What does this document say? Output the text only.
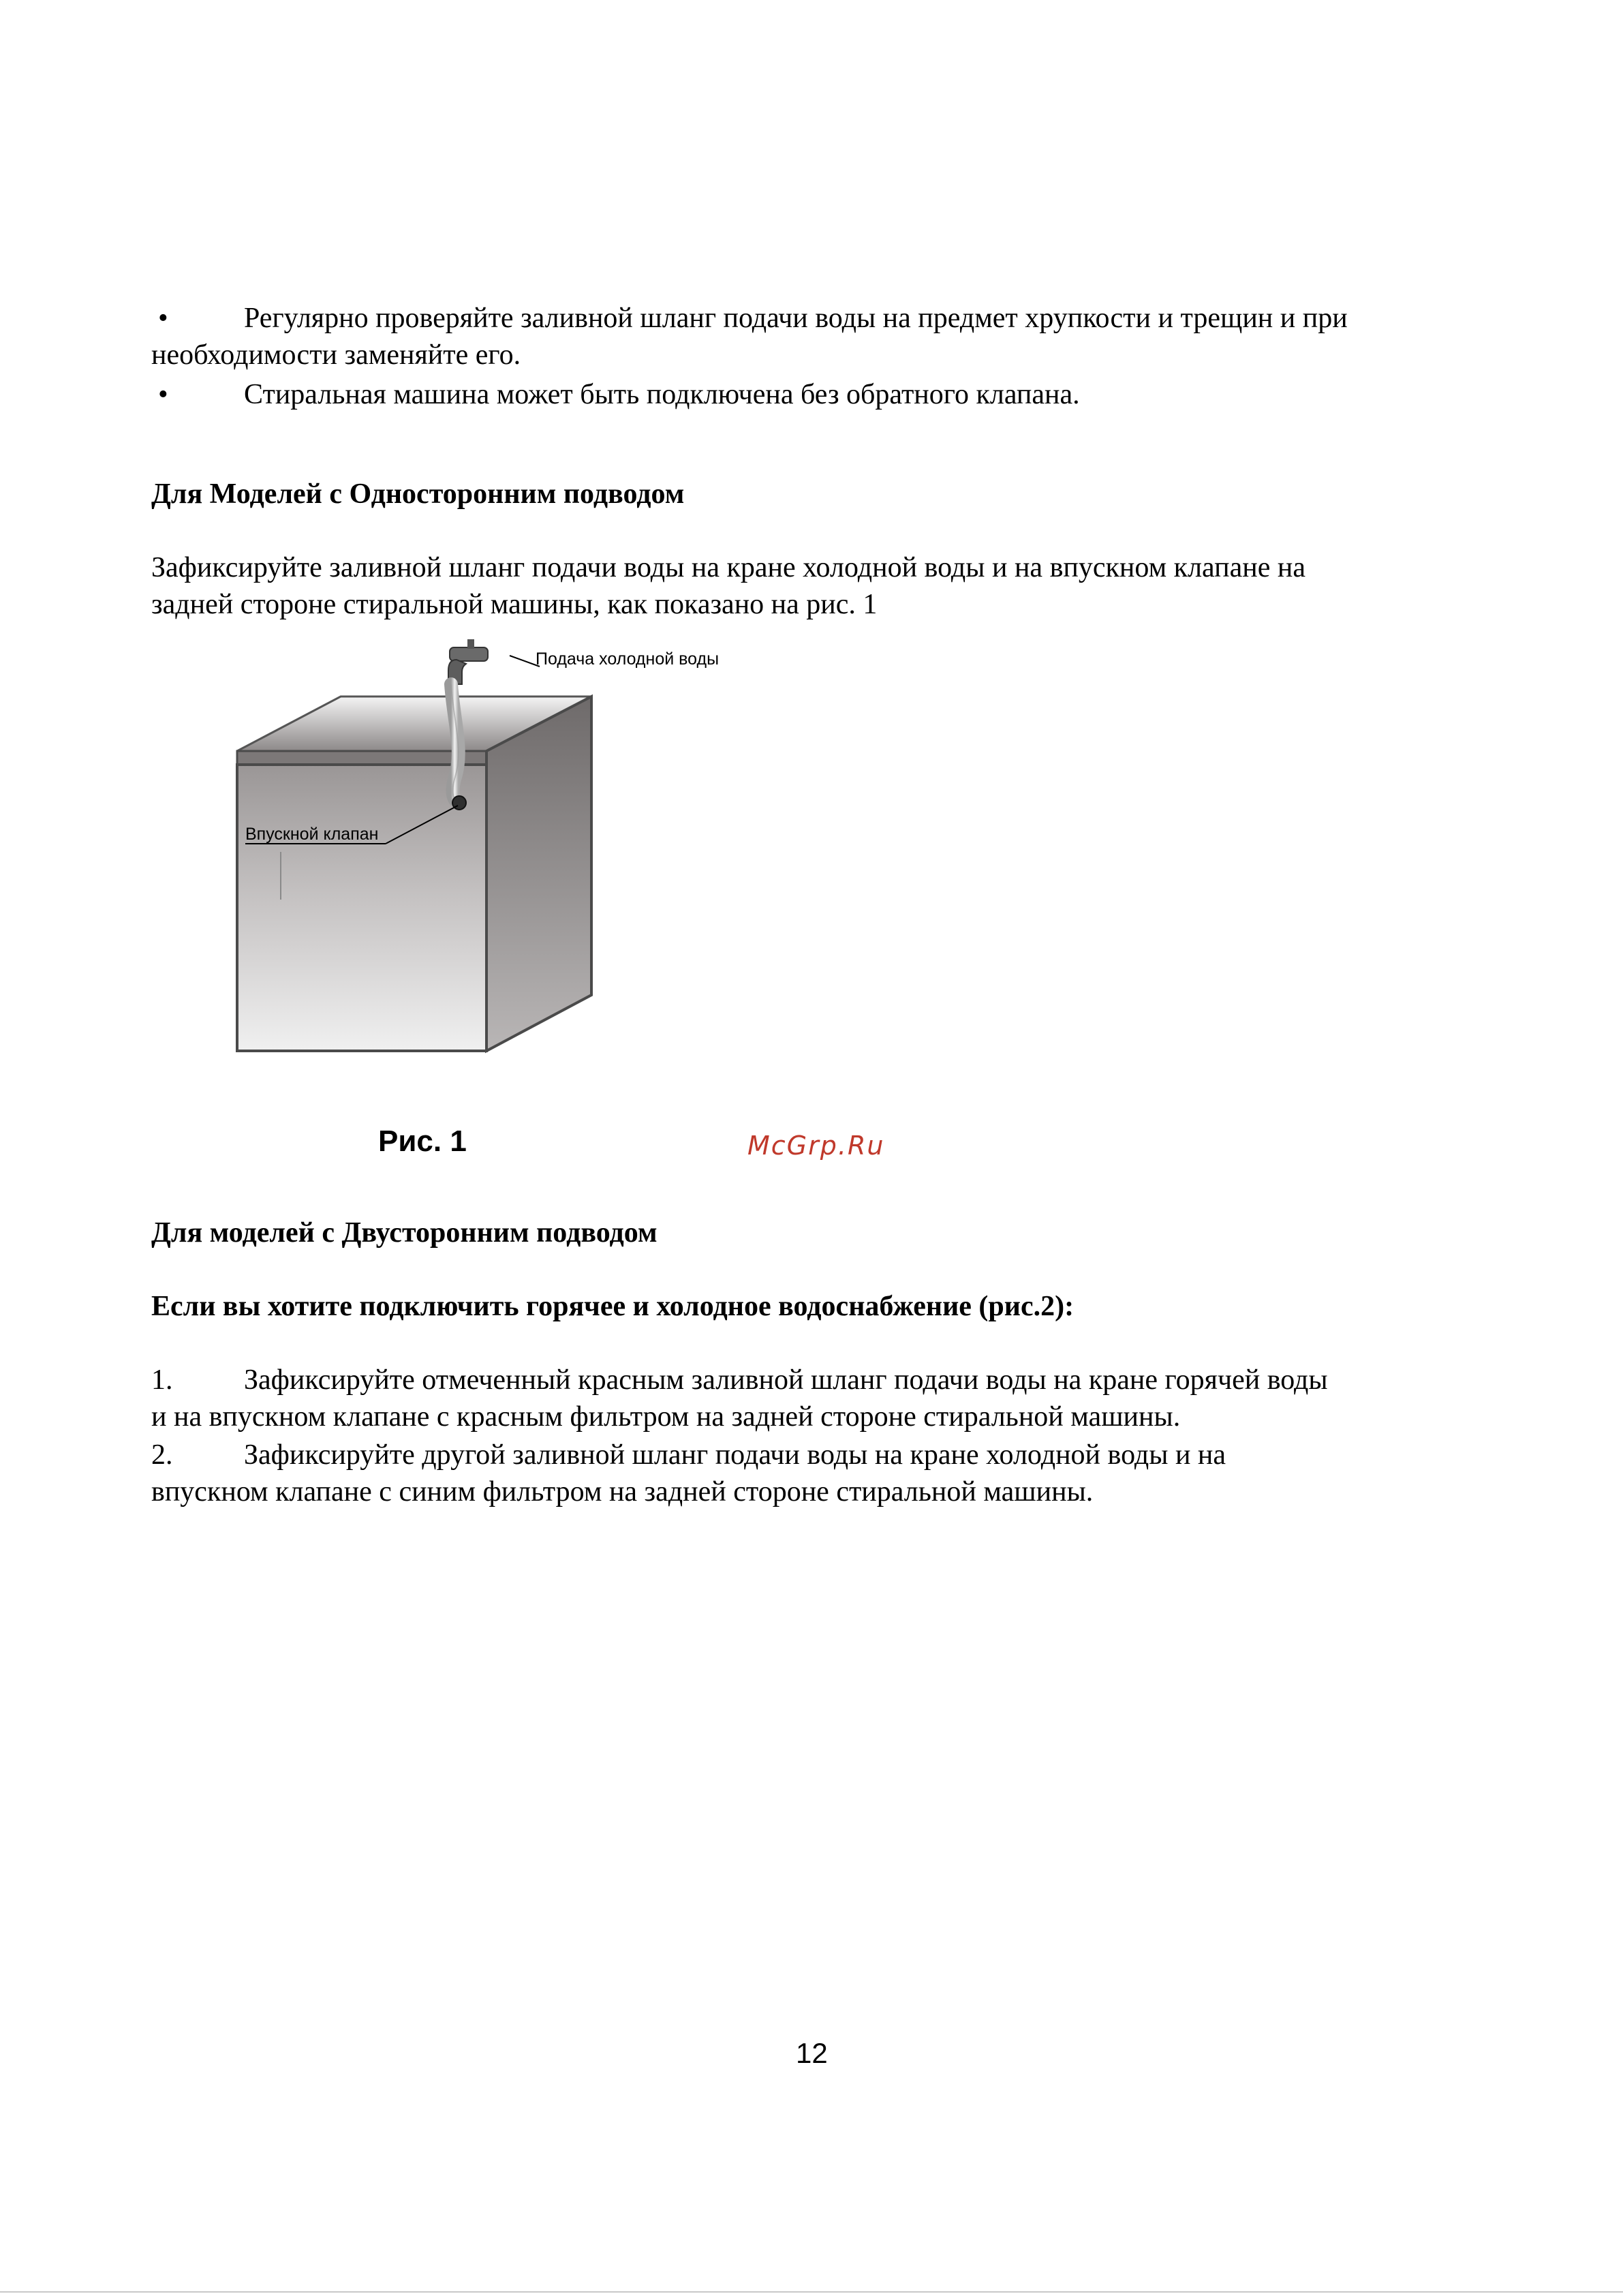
•	Регулярно проверяйте заливной шланг подачи воды на предмет хрупкости и трещин и при
необходимости заменяйте его.
•	Стиральная машина может быть подключена без обратного клапана.
Для Моделей с Односторонним подводом
Зафиксируйте заливной шланг подачи воды на кране холодной воды и на впускном клапане на
задней стороне стиральной машины, как показано на рис. 1
Подача холодной воды
Впускной клапан
Рис. 1	McGrp.Ru
Для моделей с Двусторонним подводом
Если вы хотите подключить горячее и холодное водоснабжение (рис.2):
1.	Зафиксируйте отмеченный красным заливной шланг подачи воды на кране горячей воды
и на впускном клапане с красным фильтром на задней стороне стиральной машины.
2.	Зафиксируйте другой заливной шланг подачи воды на кране холодной воды и на
впускном клапане с синим фильтром на задней стороне стиральной машины.
12
